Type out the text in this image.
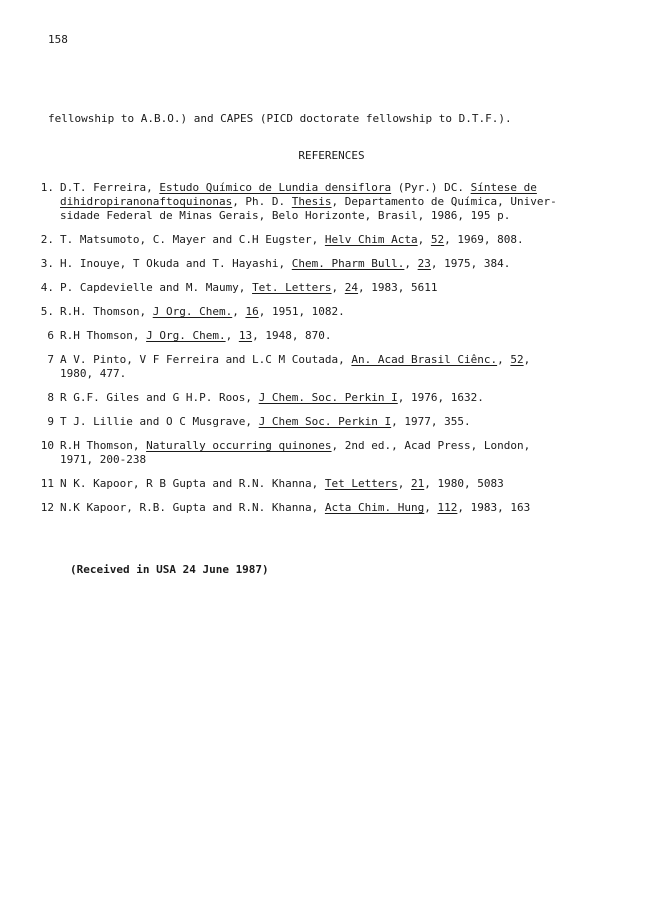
158
fellowship to A.B.O.) and CAPES (PICD doctorate fellowship to D.T.F.).
REFERENCES
1. D.T. Ferreira, Estudo Químico de Lundia densiflora (Pyr.) DC. Síntese de
dihidropiranonaftoquinonas, Ph. D. Thesis, Departamento de Química, Univer-
sidade Federal de Minas Gerais, Belo Horizonte, Brasil, 1986, 195 p.
2. T. Matsumoto, C. Mayer and C.H Eugster, Helv Chim Acta, 52, 1969, 808.
3. H. Inouye, T Okuda and T. Hayashi, Chem. Pharm Bull., 23, 1975, 384.
4. P. Capdevielle and M. Maumy, Tet. Letters, 24, 1983, 5611
5. R.H. Thomson, J Org. Chem., 16, 1951, 1082.
6 R.H Thomson, J Org. Chem., 13, 1948, 870.
7 A V. Pinto, V F Ferreira and L.C M Coutada, An. Acad Brasil Ciênc., 52,
1980, 477.
8 R G.F. Giles and G H.P. Roos, J Chem. Soc. Perkin I, 1976, 1632.
9 T J. Lillie and O C Musgrave, J Chem Soc. Perkin I, 1977, 355.
10 R.H Thomson, Naturally occurring quinones, 2nd ed., Acad Press, London,
1971, 200-238
11 N K. Kapoor, R B Gupta and R.N. Khanna, Tet Letters, 21, 1980, 5083
12 N.K Kapoor, R.B. Gupta and R.N. Khanna, Acta Chim. Hung, 112, 1983, 163
(Received in USA 24 June 1987)
